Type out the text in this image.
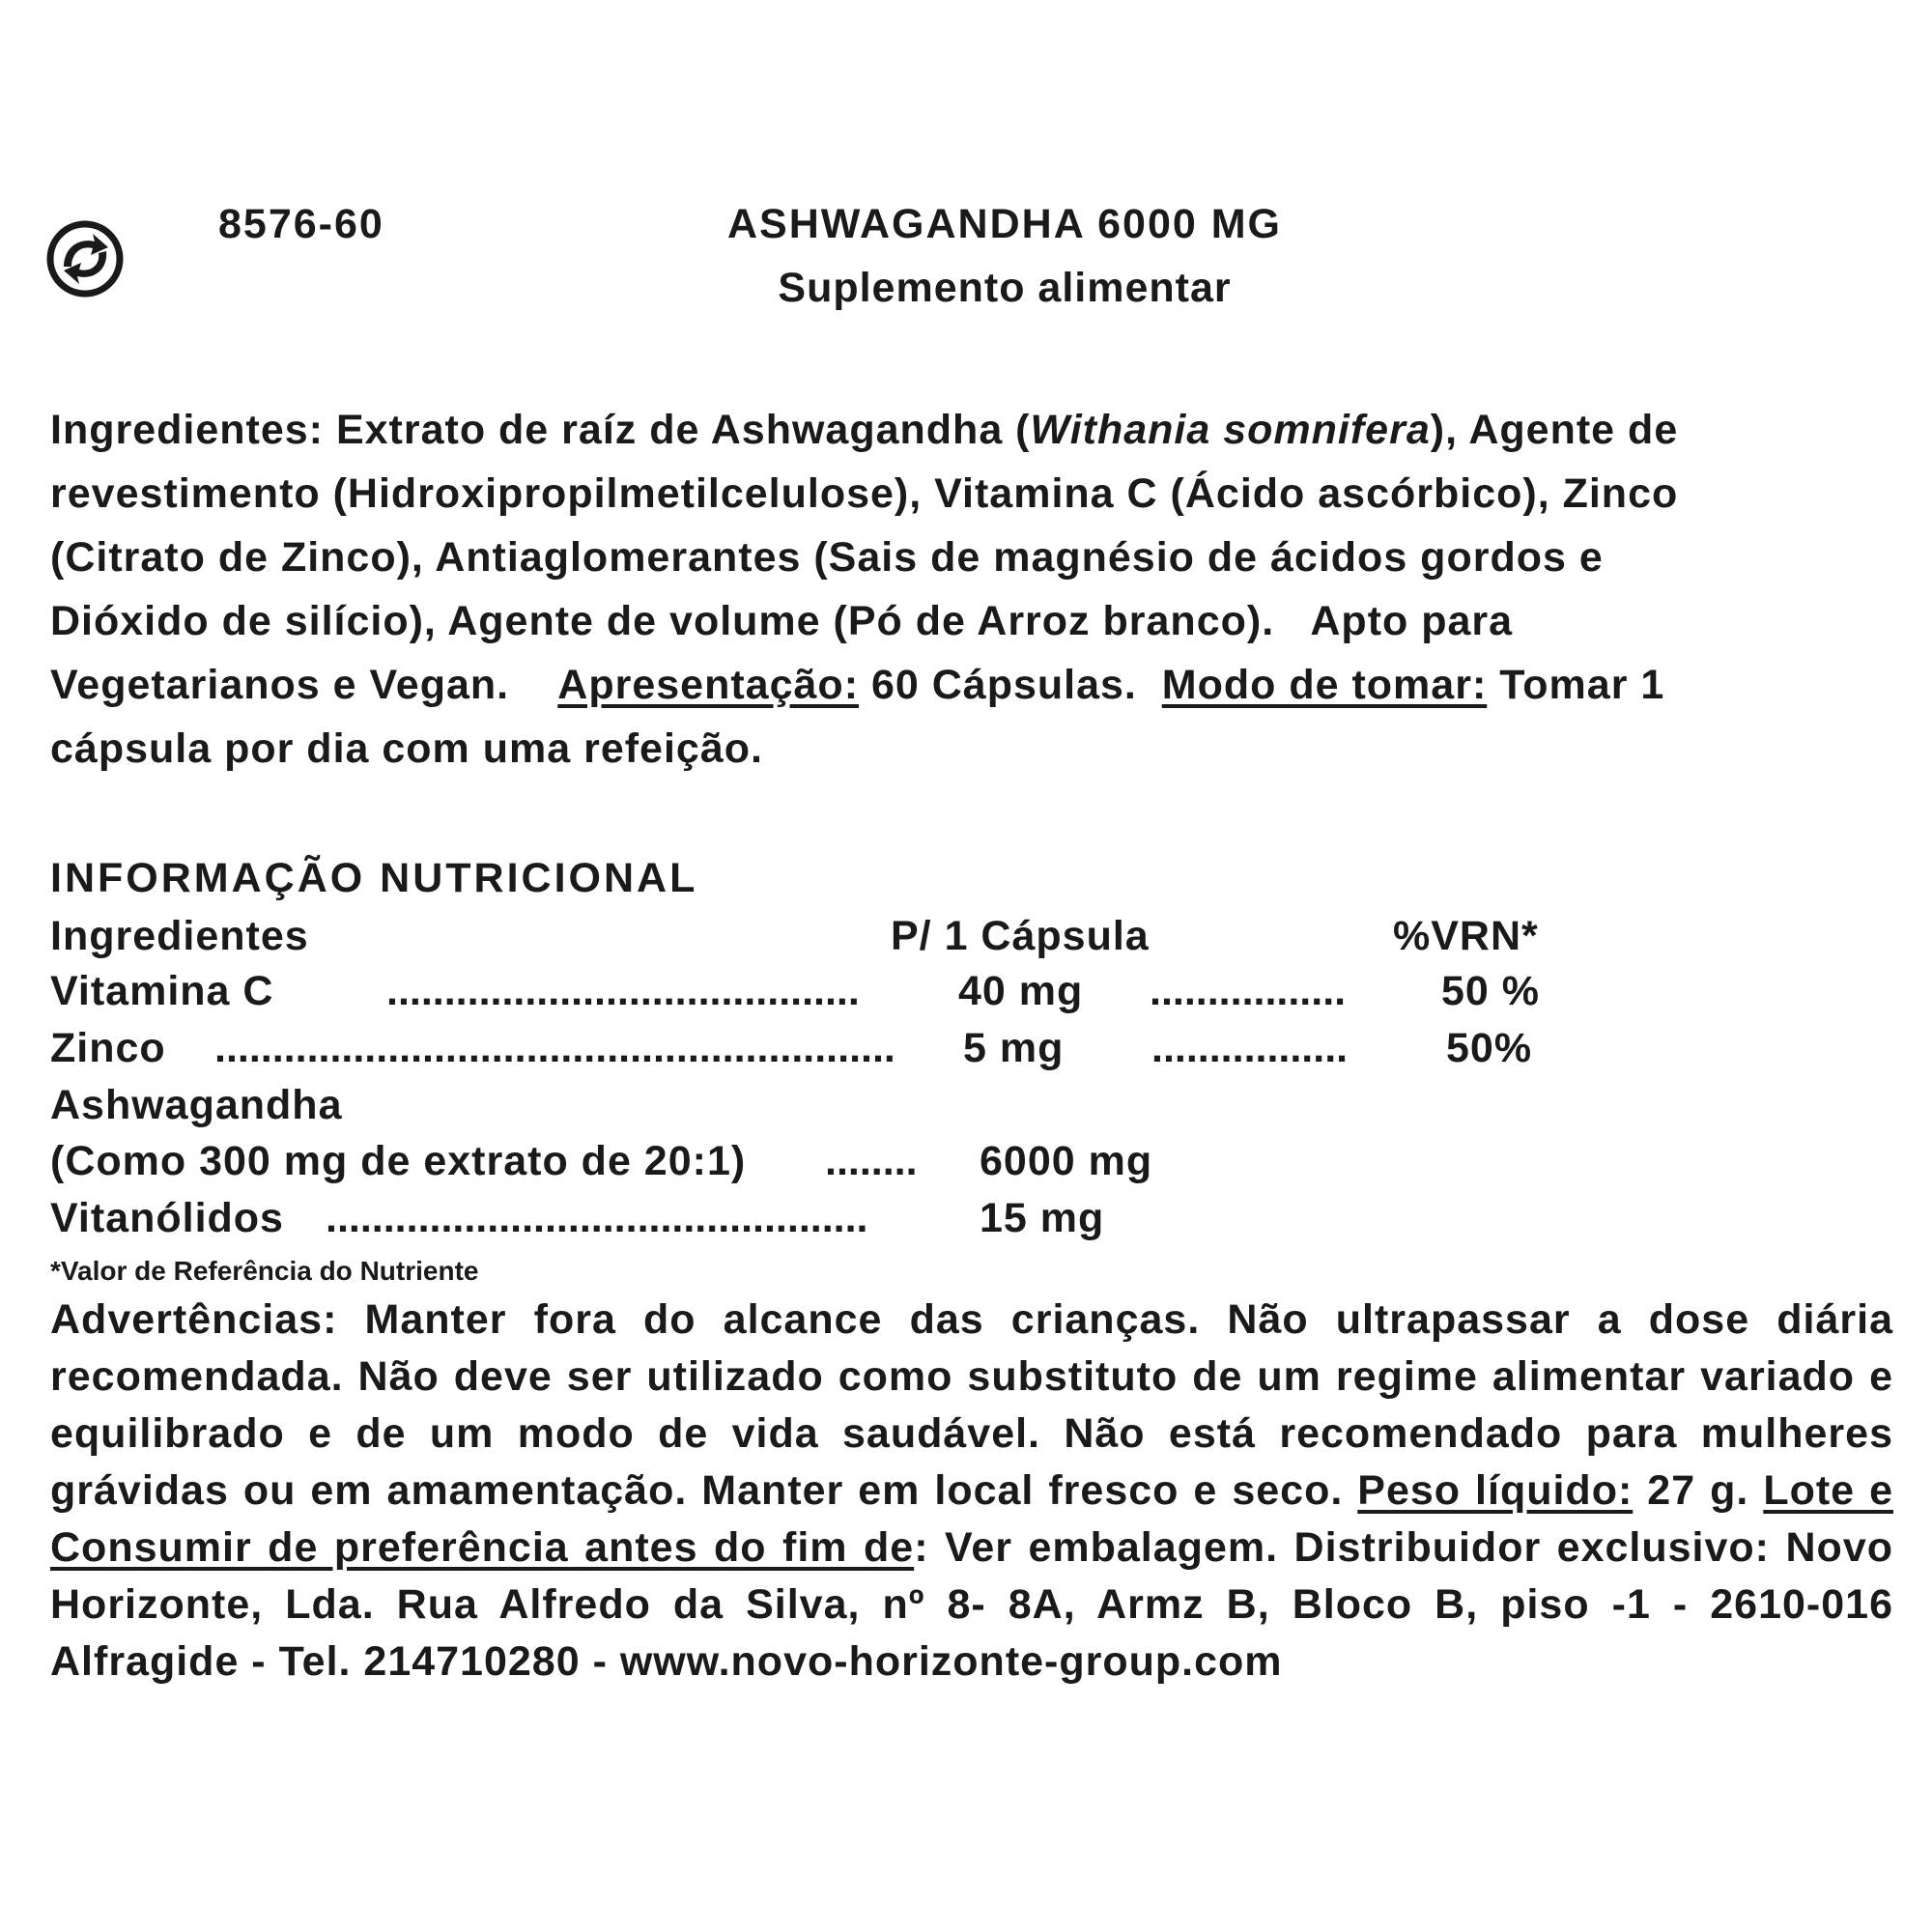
8576-60	ASHWAGANDHA 6000 MG
Suplemento alimentar
Ingredientes: Extrato de raíz de Ashwagandha (Withania somnifera), Agente de
revestimento (Hidroxipropilmetilcelulose), Vitamina C (Ácido ascórbico), Zinco
(Citrato de Zinco), Antiaglomerantes (Sais de magnésio de ácidos gordos e
Dióxido de silício), Agente de volume (Pó de Arroz branco).   Apto para
Vegetarianos e Vegan.    Apresentação: 60 Cápsulas.  Modo de tomar: Tomar 1
cápsula por dia com uma refeição.
INFORMAÇÃO NUTRICIONAL
Ingredientes	P/ 1 Cápsula	%VRN*
Vitamina C	......................................... 40 mg ................. 50 %
Zinco ........................................................... 5 mg ................. 50%
Ashwagandha
(Como 300 mg de extrato de 20:1) ........ 6000 mg
Vitanólidos ...............................................	15 mg
*Valor de Referência do Nutriente
Advertências: Manter fora do alcance das crianças. Não ultrapassar a dose diária recomendada. Não deve ser utilizado como substituto de um regime alimentar variado e equilibrado e de um modo de vida saudável. Não está recomendado para mulheres grávidas ou em amamentação. Manter em local fresco e seco. Peso líquido: 27 g. Lote e Consumir de preferência antes do fim de: Ver embalagem. Distribuidor exclusivo: Novo Horizonte, Lda. Rua Alfredo da Silva, nº 8- 8A, Armz B, Bloco B, piso -1 - 2610-016 Alfragide - Tel. 214710280 - www.novo-horizonte-group.com
